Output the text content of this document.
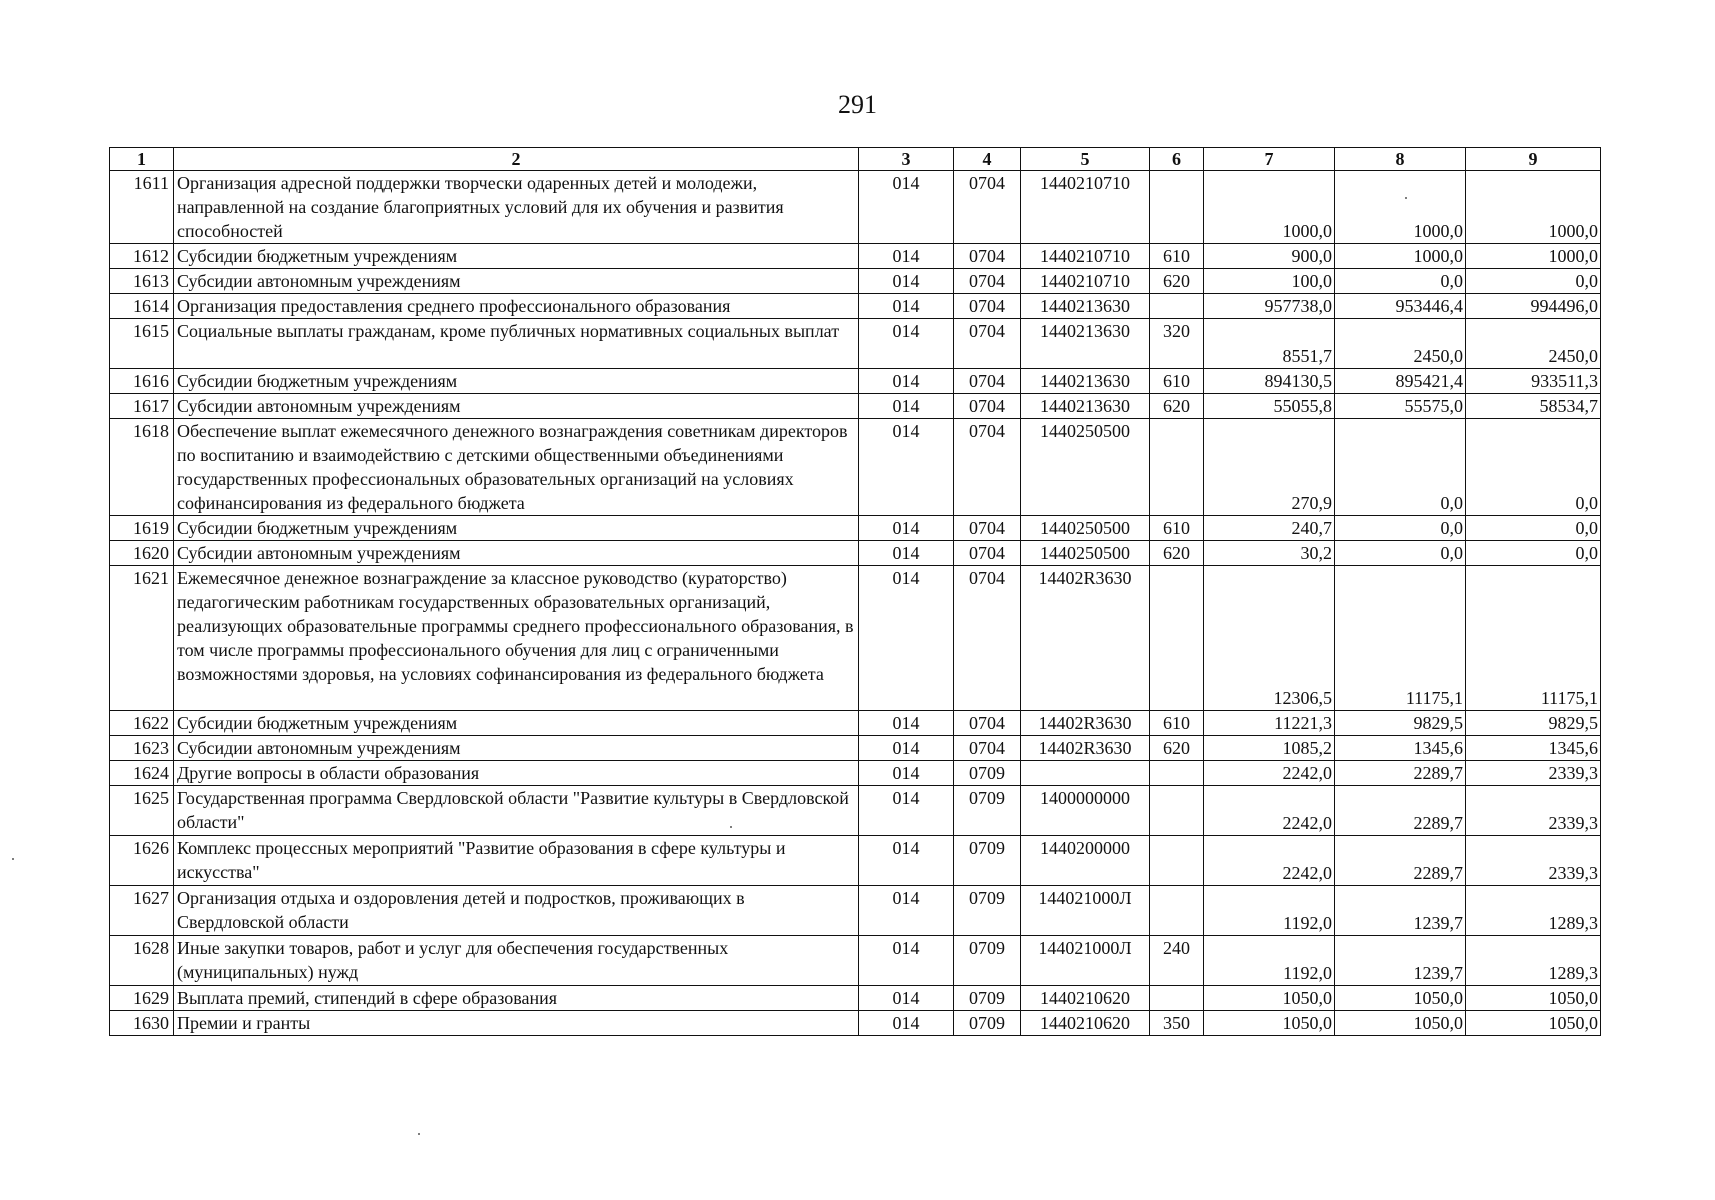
291
1	2	3	4	5	6	7	8	9
1611	Организация адресной поддержки творчески одаренных детей и молодежи, направленной на создание благоприятных условий для их обучения и развития способностей	014	0704	1440210710		1000,0	1000,0	1000,0
1612	Субсидии бюджетным учреждениям	014	0704	1440210710	610	900,0	1000,0	1000,0
1613	Субсидии автономным учреждениям	014	0704	1440210710	620	100,0	0,0	0,0
1614	Организация предоставления среднего профессионального образования	014	0704	1440213630		957738,0	953446,4	994496,0
1615	Социальные выплаты гражданам, кроме публичных нормативных социальных выплат	014	0704	1440213630	320	8551,7	2450,0	2450,0
1616	Субсидии бюджетным учреждениям	014	0704	1440213630	610	894130,5	895421,4	933511,3
1617	Субсидии автономным учреждениям	014	0704	1440213630	620	55055,8	55575,0	58534,7
1618	Обеспечение выплат ежемесячного денежного вознаграждения советникам директоров по воспитанию и взаимодействию с детскими общественными объединениями государственных профессиональных образовательных организаций на условиях софинансирования из федерального бюджета	014	0704	1440250500		270,9	0,0	0,0
1619	Субсидии бюджетным учреждениям	014	0704	1440250500	610	240,7	0,0	0,0
1620	Субсидии автономным учреждениям	014	0704	1440250500	620	30,2	0,0	0,0
1621	Ежемесячное денежное вознаграждение за классное руководство (кураторство) педагогическим работникам государственных образовательных организаций, реализующих образовательные программы среднего профессионального образования, в том числе программы профессионального обучения для лиц с ограниченными возможностями здоровья, на условиях софинансирования из федерального бюджета	014	0704	14402R3630		12306,5	11175,1	11175,1
1622	Субсидии бюджетным учреждениям	014	0704	14402R3630	610	11221,3	9829,5	9829,5
1623	Субсидии автономным учреждениям	014	0704	14402R3630	620	1085,2	1345,6	1345,6
1624	Другие вопросы в области образования	014	0709			2242,0	2289,7	2339,3
1625	Государственная программа Свердловской области "Развитие культуры в Свердловской области"	014	0709	1400000000		2242,0	2289,7	2339,3
1626	Комплекс процессных мероприятий "Развитие образования в сфере культуры и искусства"	014	0709	1440200000		2242,0	2289,7	2339,3
1627	Организация отдыха и оздоровления детей и подростков, проживающих в Свердловской области	014	0709	144021000Л		1192,0	1239,7	1289,3
1628	Иные закупки товаров, работ и услуг для обеспечения государственных (муниципальных) нужд	014	0709	144021000Л	240	1192,0	1239,7	1289,3
1629	Выплата премий, стипендий в сфере образования	014	0709	1440210620		1050,0	1050,0	1050,0
1630	Премии и гранты	014	0709	1440210620	350	1050,0	1050,0	1050,0
